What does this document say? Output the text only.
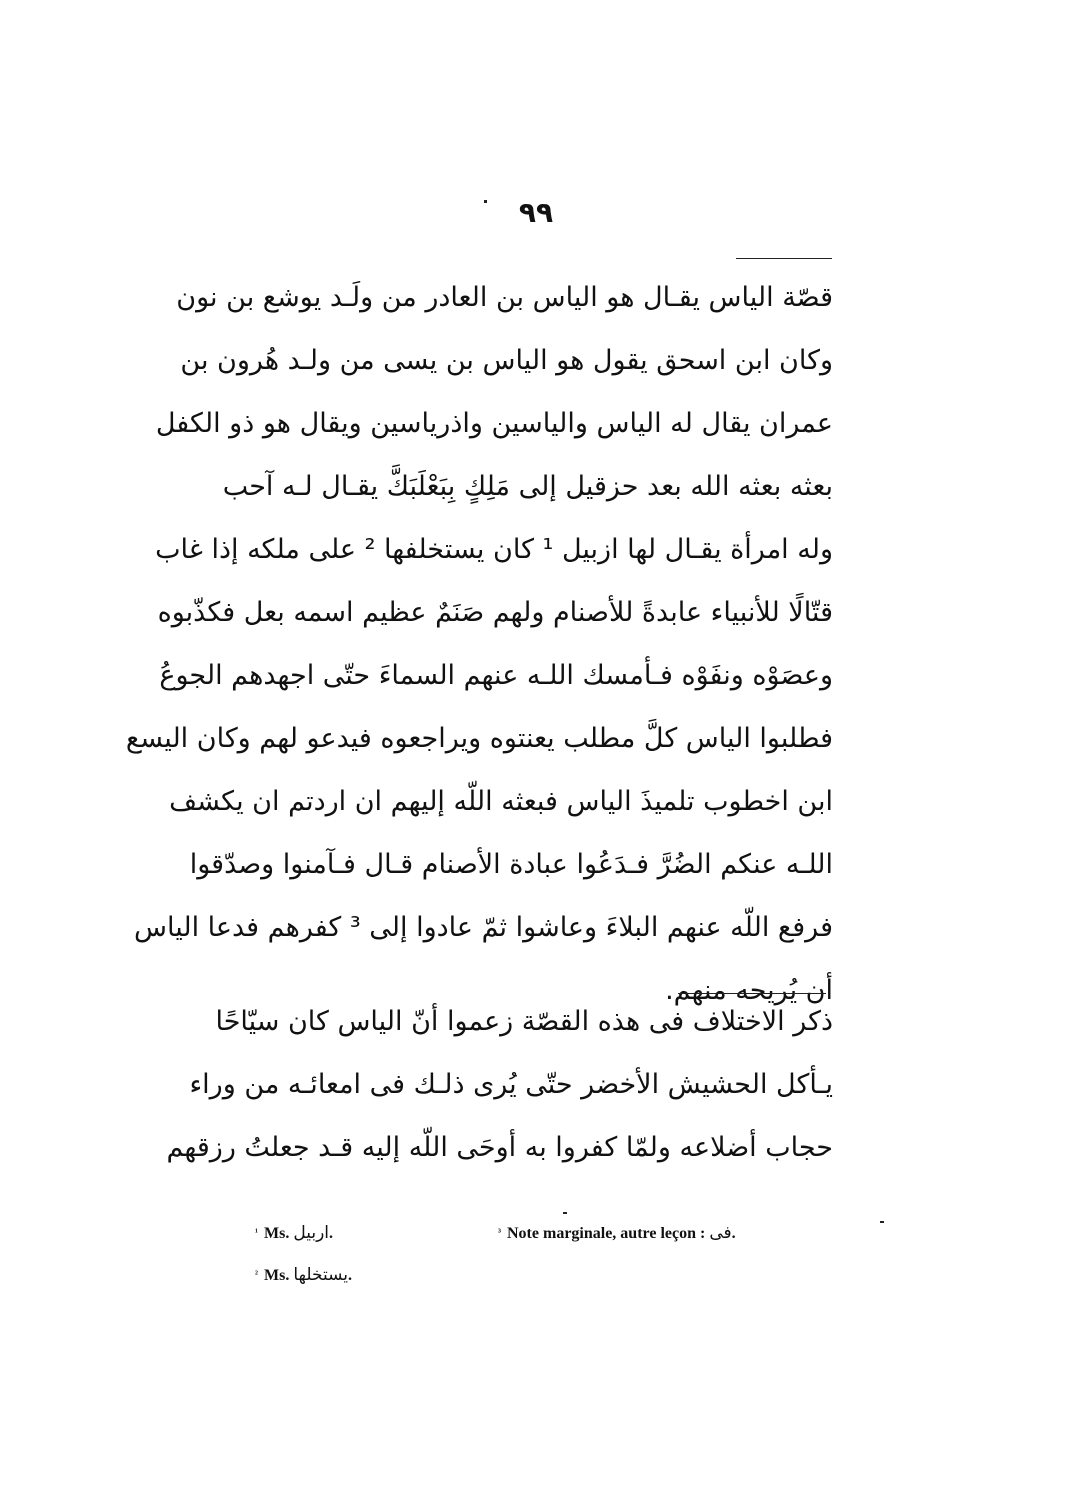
٩٩
قصّة الياس يقـال هو الياس بن العادر من ولَـد يوشع بن نون
وكان ابن اسحق يقول هو الياس بن يسى من ولـد هُرون بن
عمران يقال له الياس والياسين واذرياسين ويقال هو ذو الكفل
بعثه بعثه الله بعد حزقيل إلى مَلِكٍ بِبَعْلَبَكَّ يقـال لـه آحب
وله امرأة يقـال لها ازبيل ¹ كان يستخلفها ² على ملكه إذا غاب
قتّالًا للأنبياء عابدةً للأصنام ولهم صَنَمٌ عظيم اسمه بعل فكذّبوه
وعصَوْه ونفَوْه فـأمسك اللـه عنهم السماءَ حتّى اجهدهم الجوعُ
فطلبوا الياس كلَّ مطلب يعنتوه ويراجعوه فيدعو لهم وكان اليسع
ابن اخطوب تلميذَ الياس فبعثه اللّه إليهم ان اردتم ان يكشف
اللـه عنكم الضُرَّ فـدَعُوا عبادة الأصنام قـال فـآمنوا وصدّقوا
فرفع اللّه عنهم البلاءَ وعاشوا ثمّ عادوا إلى ³ كفرهم فدعا الياس
أن يُريحه منهم.
ذكر الاختلاف فى هذه القصّة زعموا أنّ الياس كان سيّاحًا
يـأكل الحشيش الأخضر حتّى يُرى ذلـك فى امعائـه من وراء
حجاب أضلاعه ولمّا كفروا به أوحَى اللّه إليه قـد جعلتُ رزقهم
$^{^1}$ Ms. اربيل.
$^{^2}$ Ms. يستخلها.
$^{^3}$ Note marginale, autre leçon : فى.
